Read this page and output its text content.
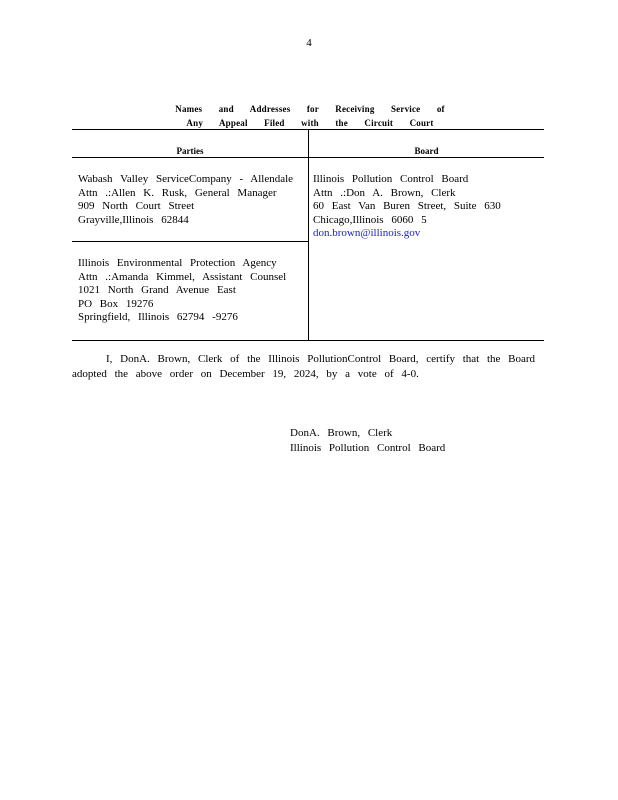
4
Names and Addresses for Receiving Service of
Any Appeal Filed with the Circuit Court
Parties	Board
Wabash Valley ServiceCompany - Allendale
Attn .:Allen K. Rusk, General Manager
909 North Court Street
Grayville,Illinois 62844
Illinois Environmental Protection Agency
Attn .:Amanda Kimmel, Assistant Counsel
1021 North Grand Avenue East
PO Box 19276
Springfield, Illinois 62794 -9276
Illinois Pollution Control Board
Attn .:Don A. Brown, Clerk
60 East Van Buren Street, Suite 630
Chicago,Illinois 6060 5
don.brown@illinois.gov
I, DonA. Brown, Clerk of the Illinois PollutionControl Board, certify that the Board
adopted the above order on December 19, 2024, by a vote of 4-0.
DonA. Brown, Clerk
Illinois Pollution Control Board
